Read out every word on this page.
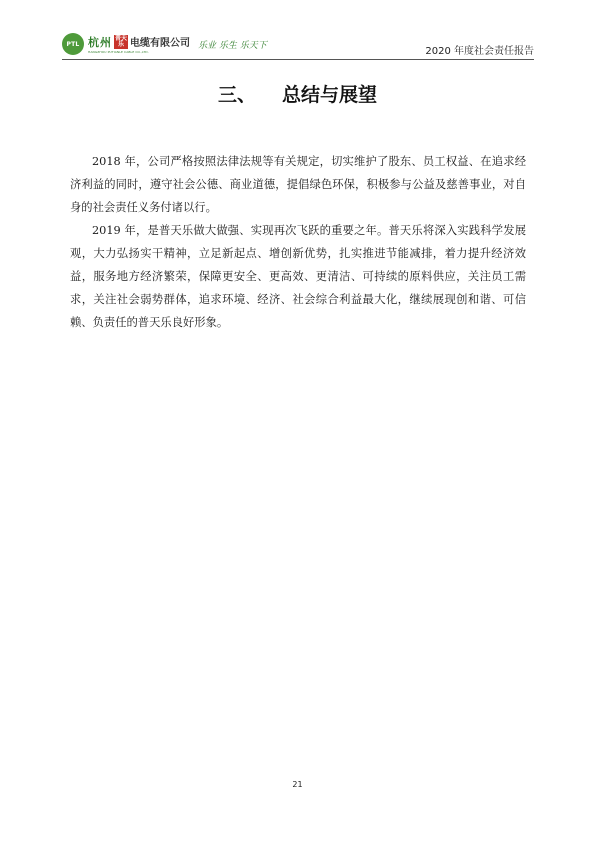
PTL 杭州 普天乐 电缆有限公司
HANGZHOU PUTIANLE CABLE CO.,LTD.
乐业 乐生 乐天下
2020 年度社会责任报告
三、 总结与展望

2018 年，公司严格按照法律法规等有关规定，切实维护了股东、员工权益、在追求经济利益的同时，遵守社会公德、商业道德，提倡绿色环保，积极参与公益及慈善事业，对自身的社会责任义务付诸以行。

2019 年，是普天乐做大做强、实现再次飞跃的重要之年。普天乐将深入实践科学发展观，大力弘扬实干精神，立足新起点、增创新优势，扎实推进节能减排，着力提升经济效益，服务地方经济繁荣，保障更安全、更高效、更清洁、可持续的原料供应，关注员工需求，关注社会弱势群体，追求环境、经济、社会综合利益最大化，继续展现创和谐、可信赖、负责任的普天乐良好形象。

21
